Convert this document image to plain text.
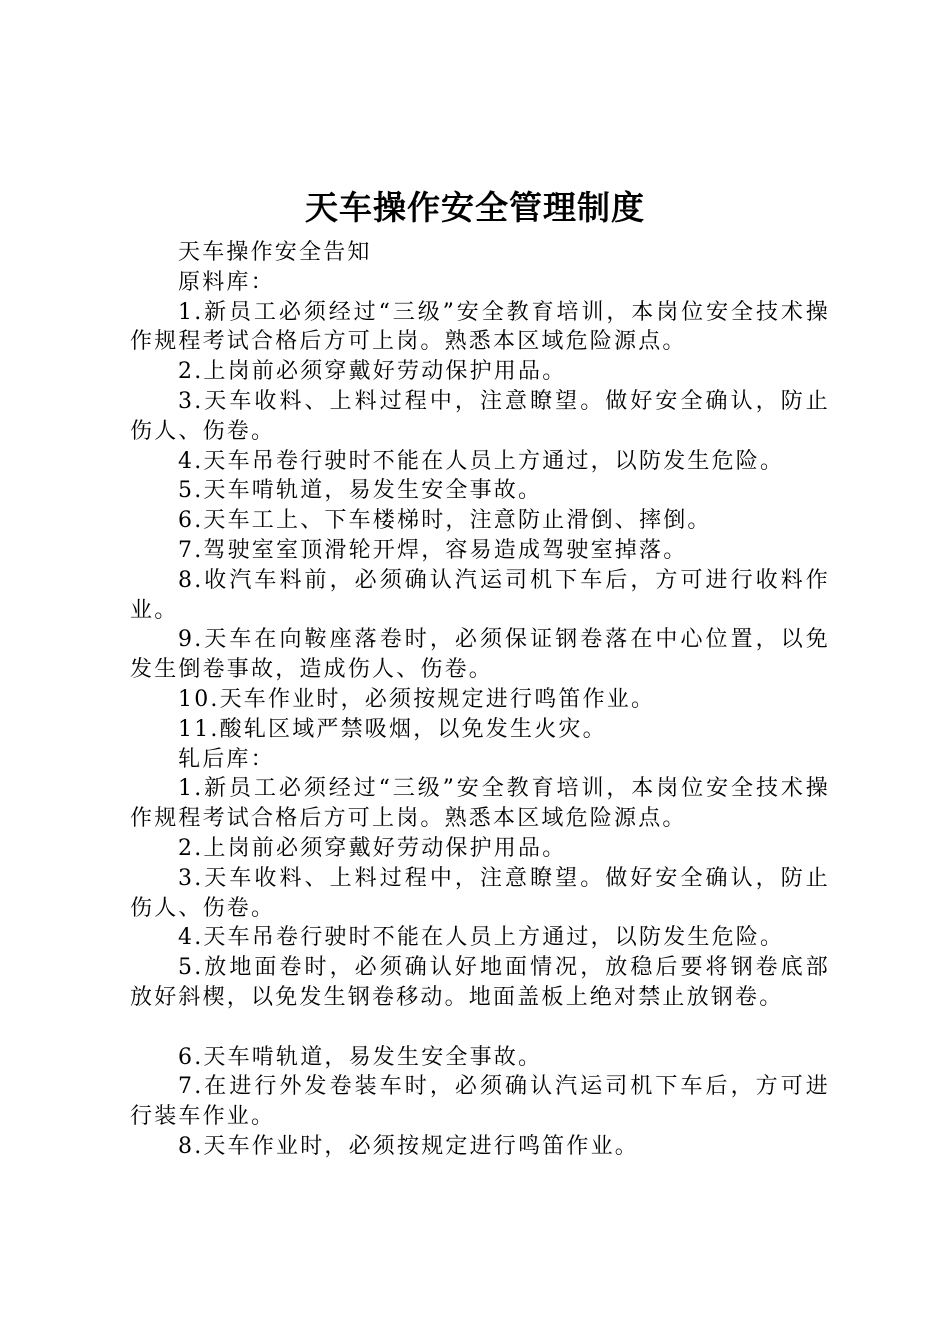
天车操作安全管理制度

天车操作安全告知

原料库：

1.新员工必须经过“三级”安全教育培训，本岗位安全技术操作规程考试合格后方可上岗。熟悉本区域危险源点。

2.上岗前必须穿戴好劳动保护用品。

3.天车收料、上料过程中，注意瞭望。做好安全确认，防止伤人、伤卷。

4.天车吊卷行驶时不能在人员上方通过，以防发生危险。

5.天车啃轨道，易发生安全事故。

6.天车工上、下车楼梯时，注意防止滑倒、摔倒。

7.驾驶室室顶滑轮开焊，容易造成驾驶室掉落。

8.收汽车料前，必须确认汽运司机下车后，方可进行收料作业。

9.天车在向鞍座落卷时，必须保证钢卷落在中心位置，以免发生倒卷事故，造成伤人、伤卷。

10.天车作业时，必须按规定进行鸣笛作业。

11.酸轧区域严禁吸烟，以免发生火灾。

轧后库：

1.新员工必须经过“三级”安全教育培训，本岗位安全技术操作规程考试合格后方可上岗。熟悉本区域危险源点。

2.上岗前必须穿戴好劳动保护用品。

3.天车收料、上料过程中，注意瞭望。做好安全确认，防止伤人、伤卷。

4.天车吊卷行驶时不能在人员上方通过，以防发生危险。

5.放地面卷时，必须确认好地面情况，放稳后要将钢卷底部放好斜楔，以免发生钢卷移动。地面盖板上绝对禁止放钢卷。

6.天车啃轨道，易发生安全事故。

7.在进行外发卷装车时，必须确认汽运司机下车后，方可进行装车作业。

8.天车作业时，必须按规定进行鸣笛作业。
